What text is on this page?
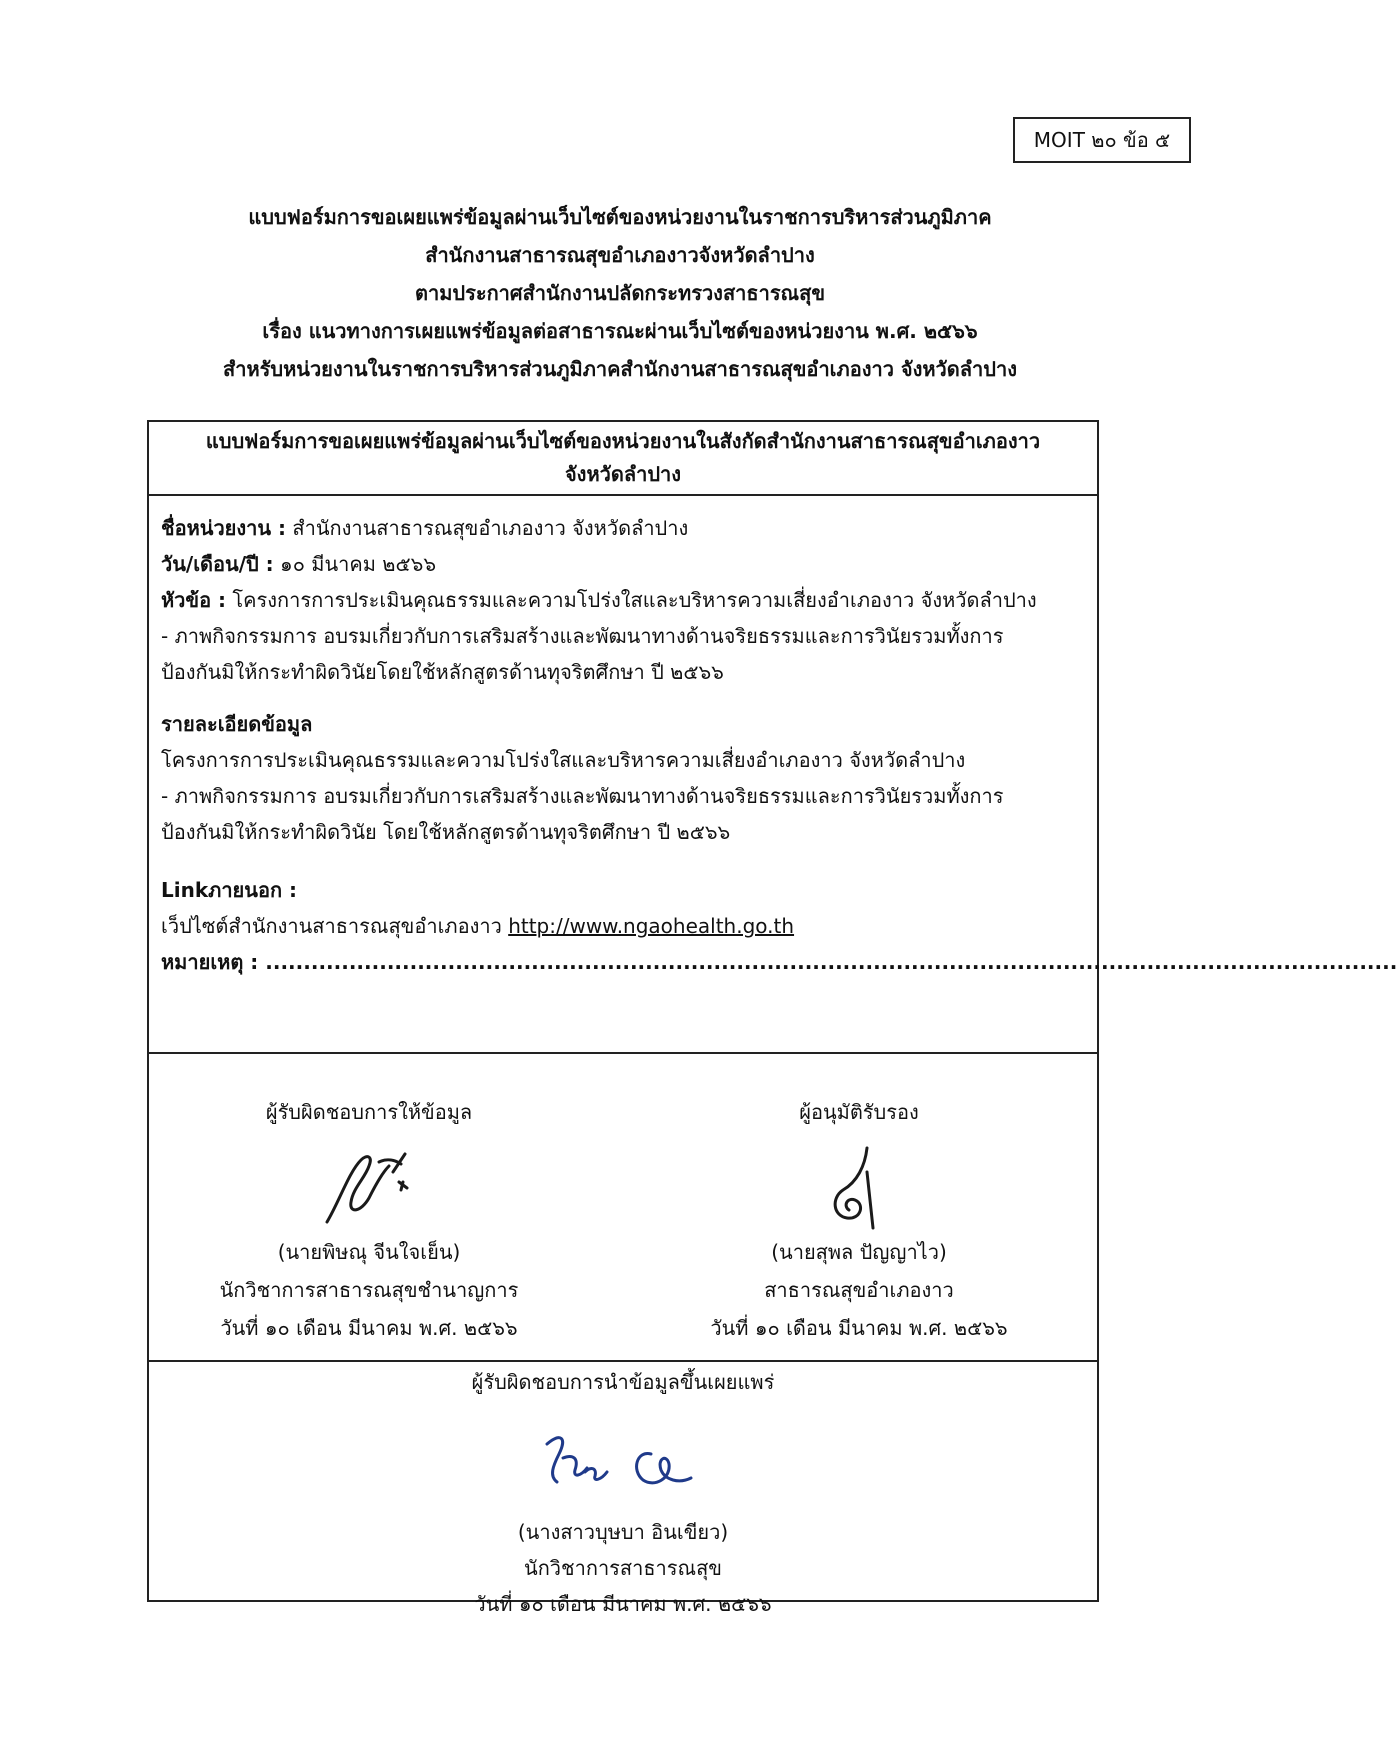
MOIT ๒๐ ข้อ ๕
แบบฟอร์มการขอเผยแพร่ข้อมูลผ่านเว็บไซต์ของหน่วยงานในราชการบริหารส่วนภูมิภาค
สำนักงานสาธารณสุขอำเภองาวจังหวัดลำปาง
ตามประกาศสำนักงานปลัดกระทรวงสาธารณสุข
เรื่อง แนวทางการเผยแพร่ข้อมูลต่อสาธารณะผ่านเว็บไซต์ของหน่วยงาน พ.ศ. ๒๕๖๖
สำหรับหน่วยงานในราชการบริหารส่วนภูมิภาคสำนักงานสาธารณสุขอำเภองาว จังหวัดลำปาง
แบบฟอร์มการขอเผยแพร่ข้อมูลผ่านเว็บไซต์ของหน่วยงานในสังกัดสำนักงานสาธารณสุขอำเภองาว
จังหวัดลำปาง
ชื่อหน่วยงาน : สำนักงานสาธารณสุขอำเภองาว จังหวัดลำปาง
วัน/เดือน/ปี : ๑๐ มีนาคม ๒๕๖๖
หัวข้อ : โครงการการประเมินคุณธรรมและความโปร่งใสและบริหารความเสี่ยงอำเภองาว จังหวัดลำปาง
- ภาพกิจกรรมการ อบรมเกี่ยวกับการเสริมสร้างและพัฒนาทางด้านจริยธรรมและการวินัยรวมทั้งการ
ป้องกันมิให้กระทำผิดวินัยโดยใช้หลักสูตรด้านทุจริตศึกษา ปี ๒๕๖๖
รายละเอียดข้อมูล
โครงการการประเมินคุณธรรมและความโปร่งใสและบริหารความเสี่ยงอำเภองาว จังหวัดลำปาง
- ภาพกิจกรรมการ อบรมเกี่ยวกับการเสริมสร้างและพัฒนาทางด้านจริยธรรมและการวินัยรวมทั้งการ
ป้องกันมิให้กระทำผิดวินัย โดยใช้หลักสูตรด้านทุจริตศึกษา ปี ๒๕๖๖
Linkภายนอก :
เว็ปไซต์สำนักงานสาธารณสุขอำเภองาว http://www.ngaohealth.go.th
หมายเหตุ : .....................................................................................................................................................
ผู้รับผิดชอบการให้ข้อมูล
(นายพิษณุ จีนใจเย็น)
นักวิชาการสาธารณสุขชำนาญการ
วันที่ ๑๐ เดือน มีนาคม พ.ศ. ๒๕๖๖
ผู้อนุมัติรับรอง
(นายสุพล ปัญญาไว)
สาธารณสุขอำเภองาว
วันที่ ๑๐ เดือน มีนาคม พ.ศ. ๒๕๖๖
ผู้รับผิดชอบการนำข้อมูลขึ้นเผยแพร่
(นางสาวบุษบา อินเขียว)
นักวิชาการสาธารณสุข
วันที่ ๑๐ เดือน มีนาคม พ.ศ. ๒๕๖๖
